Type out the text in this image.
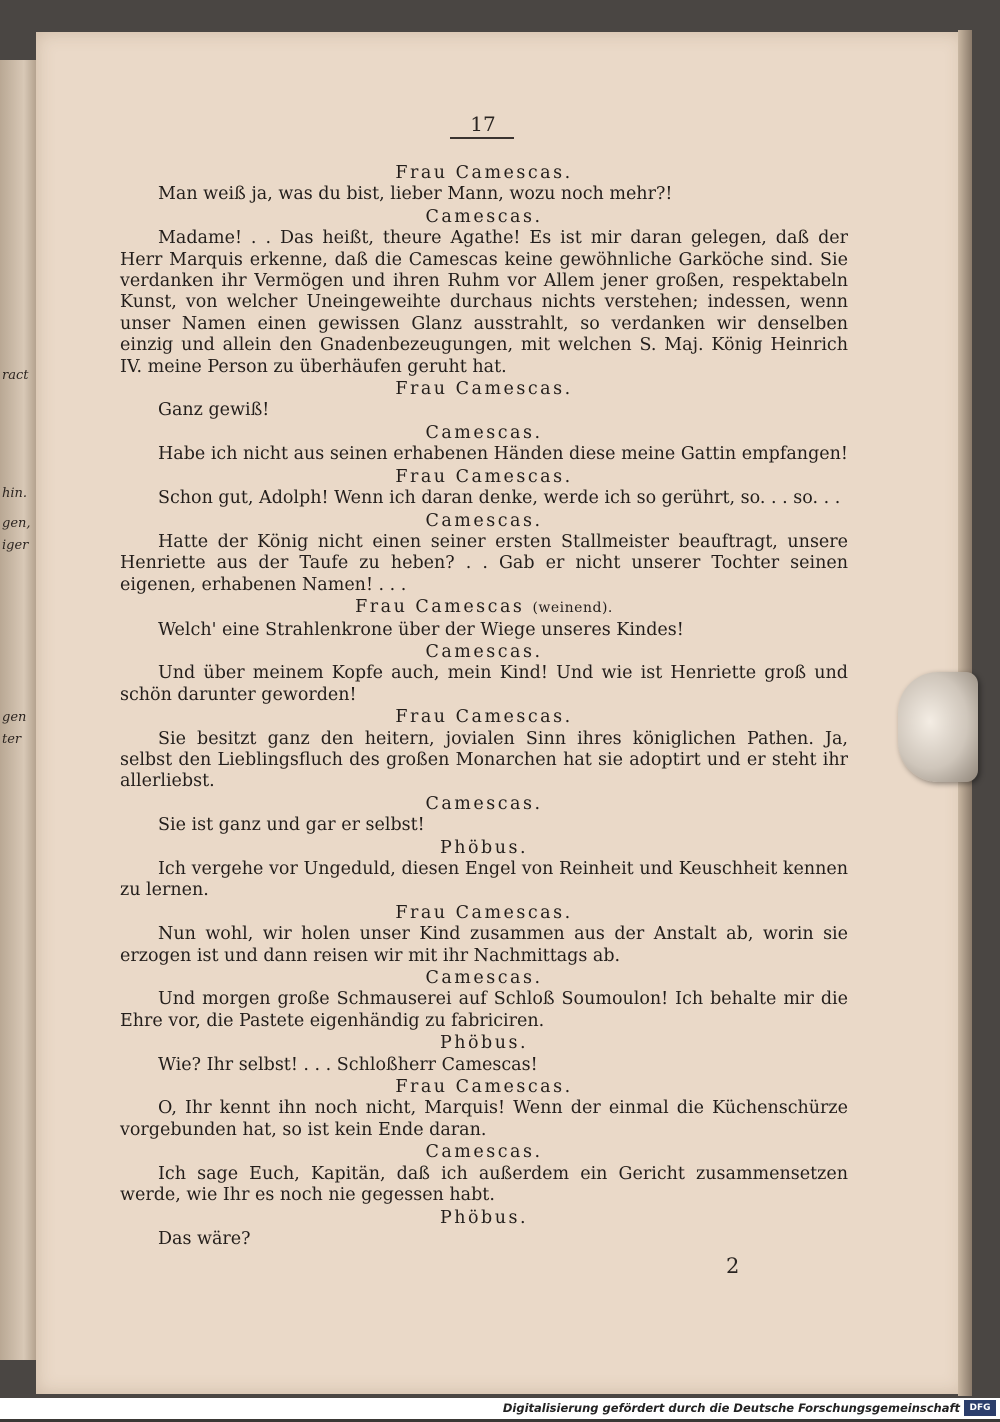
ract
hin.
gen,
iger
gen
ter
17
Frau Camescas.
Man weiß ja, was du bist, lieber Mann, wozu noch mehr?!
Camescas.
Madame! . . Das heißt, theure Agathe! Es ist mir daran gelegen, daß der Herr Marquis erkenne, daß die Camescas keine gewöhnliche Garköche sind. Sie verdanken ihr Vermögen und ihren Ruhm vor Allem jener großen, respektabeln Kunst, von welcher Uneingeweihte durchaus nichts verstehen; indessen, wenn unser Namen einen gewissen Glanz ausstrahlt, so verdanken wir denselben einzig und allein den Gnadenbezeugungen, mit welchen S. Maj. König Heinrich IV. meine Person zu überhäufen geruht hat.
Frau Camescas.
Ganz gewiß!
Camescas.
Habe ich nicht aus seinen erhabenen Händen diese meine Gattin empfangen!
Frau Camescas.
Schon gut, Adolph! Wenn ich daran denke, werde ich so gerührt, so. . . so. . .
Camescas.
Hatte der König nicht einen seiner ersten Stallmeister beauftragt, unsere Henriette aus der Taufe zu heben? . . Gab er nicht unserer Tochter seinen eigenen, erhabenen Namen! . . .
Frau Camescas (weinend).
Welch' eine Strahlenkrone über der Wiege unseres Kindes!
Camescas.
Und über meinem Kopfe auch, mein Kind! Und wie ist Henriette groß und schön darunter geworden!
Frau Camescas.
Sie besitzt ganz den heitern, jovialen Sinn ihres königlichen Pathen. Ja, selbst den Lieblingsfluch des großen Monarchen hat sie adoptirt und er steht ihr allerliebst.
Camescas.
Sie ist ganz und gar er selbst!
Phöbus.
Ich vergehe vor Ungeduld, diesen Engel von Reinheit und Keuschheit kennen zu lernen.
Frau Camescas.
Nun wohl, wir holen unser Kind zusammen aus der Anstalt ab, worin sie erzogen ist und dann reisen wir mit ihr Nachmittags ab.
Camescas.
Und morgen große Schmauserei auf Schloß Soumoulon! Ich behalte mir die Ehre vor, die Pastete eigenhändig zu fabriciren.
Phöbus.
Wie? Ihr selbst! . . . Schloßherr Camescas!
Frau Camescas.
O, Ihr kennt ihn noch nicht, Marquis! Wenn der einmal die Küchenschürze vorgebunden hat, so ist kein Ende daran.
Camescas.
Ich sage Euch, Kapitän, daß ich außerdem ein Gericht zusammensetzen werde, wie Ihr es noch nie gegessen habt.
Phöbus.
Das wäre?
2
Digitalisierung gefördert durch die Deutsche Forschungsgemeinschaft	DFG
